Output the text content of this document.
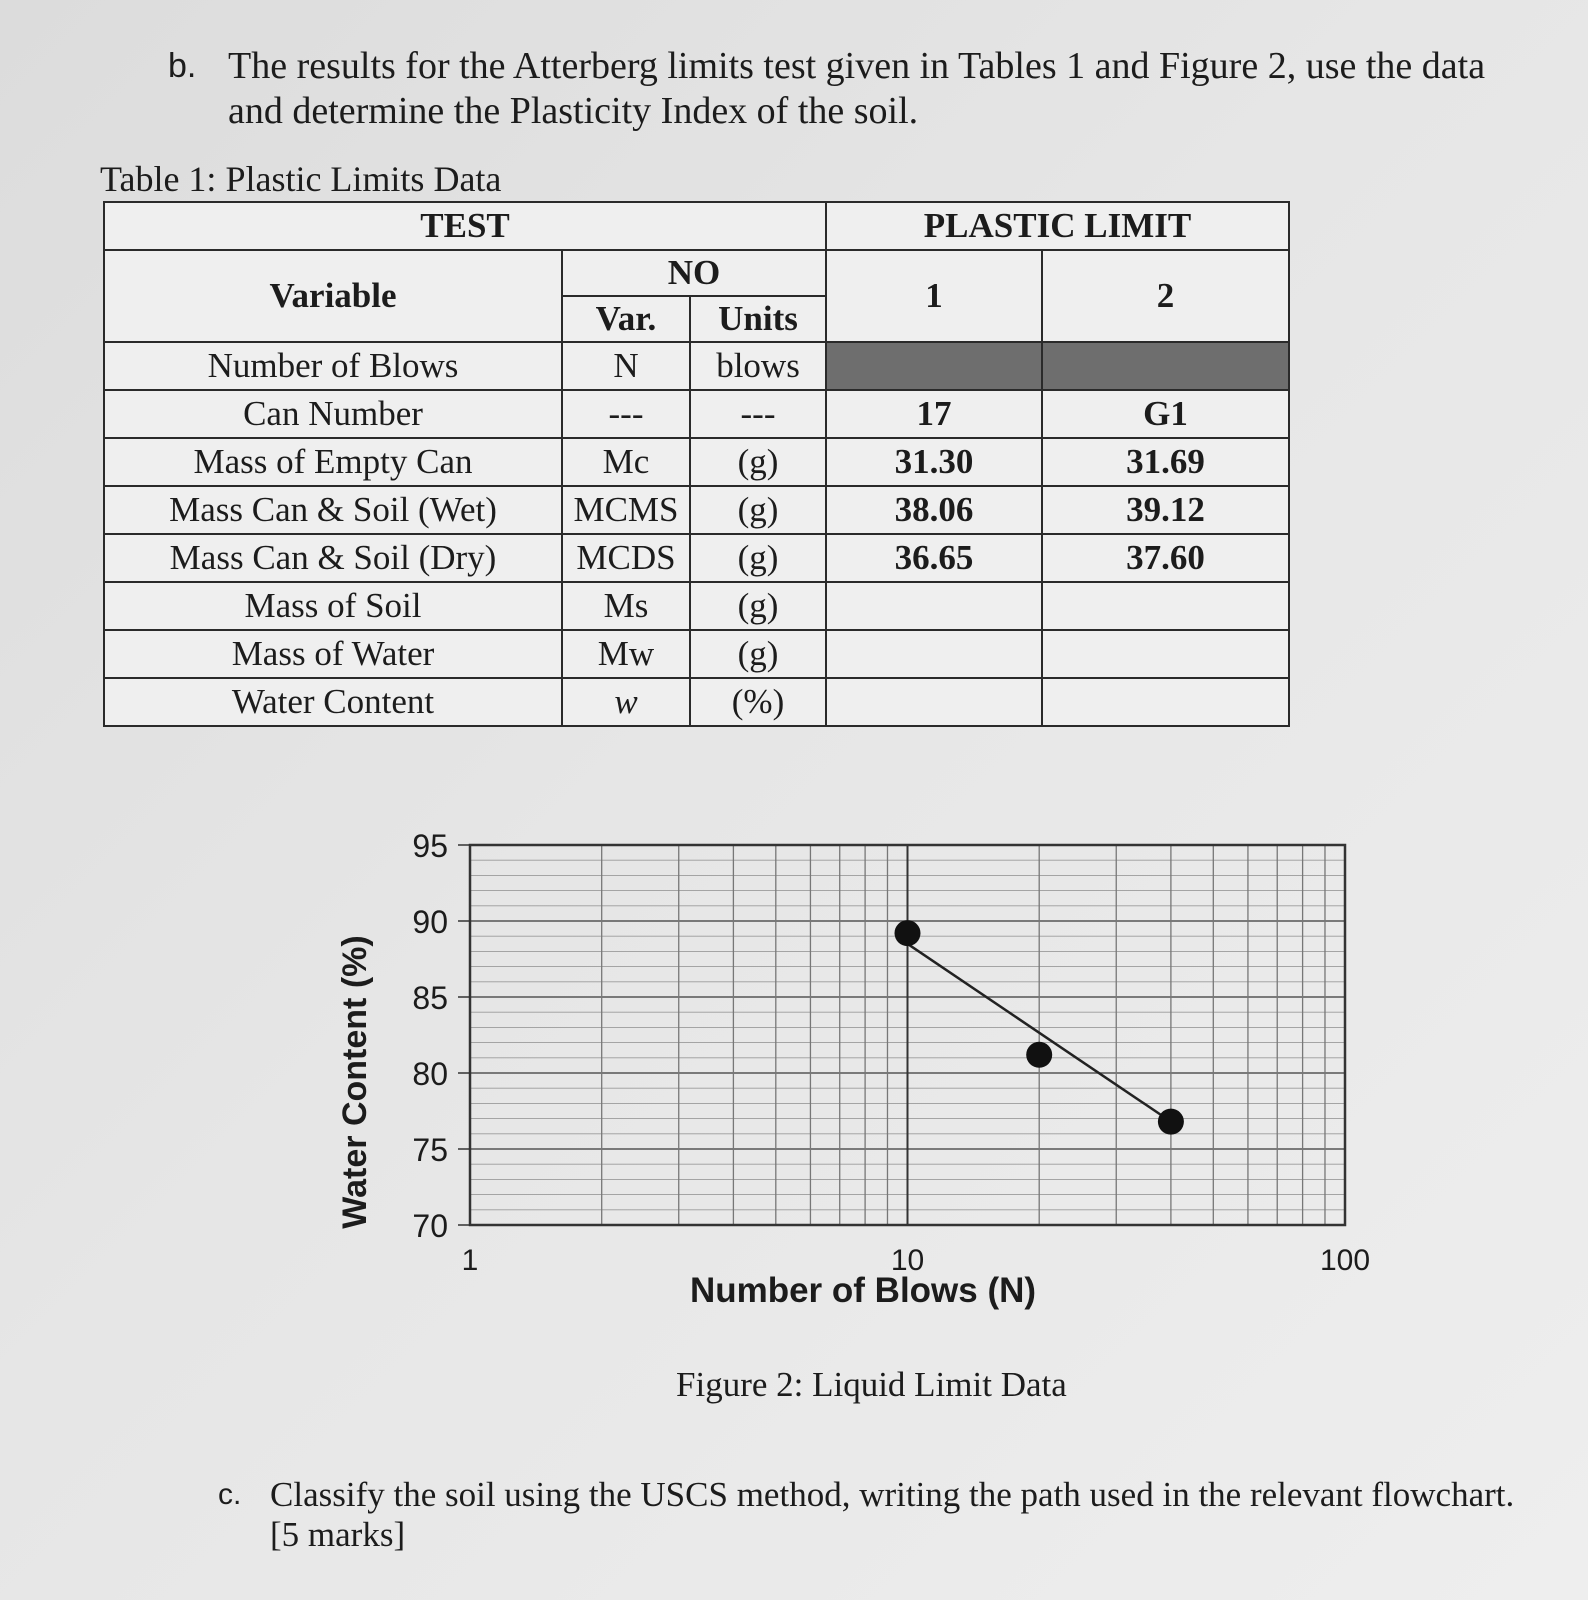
b. The results for the Atterberg limits test given in Tables 1 and Figure 2, use the data and determine the Plasticity Index of the soil.
Table 1: Plastic Limits Data
TEST			PLASTIC LIMIT	
Variable	NO		1	2
	Var.	Units		
Number of Blows	N	blows		
Can Number	---	---	17	G1
Mass of Empty Can	Mc	(g)	31.30	31.69
Mass Can & Soil (Wet)	MCMS	(g)	38.06	39.12
Mass Can & Soil (Dry)	MCDS	(g)	36.65	37.60
Mass of Soil	Ms	(g)		
Mass of Water	Mw	(g)		
Water Content	w	(%)		
70
75
80
85
90
95
1	10	100
Water Content (%)
Number of Blows (N)
Figure 2: Liquid Limit Data
c. Classify the soil using the USCS method, writing the path used in the relevant flowchart.
[5 marks]
